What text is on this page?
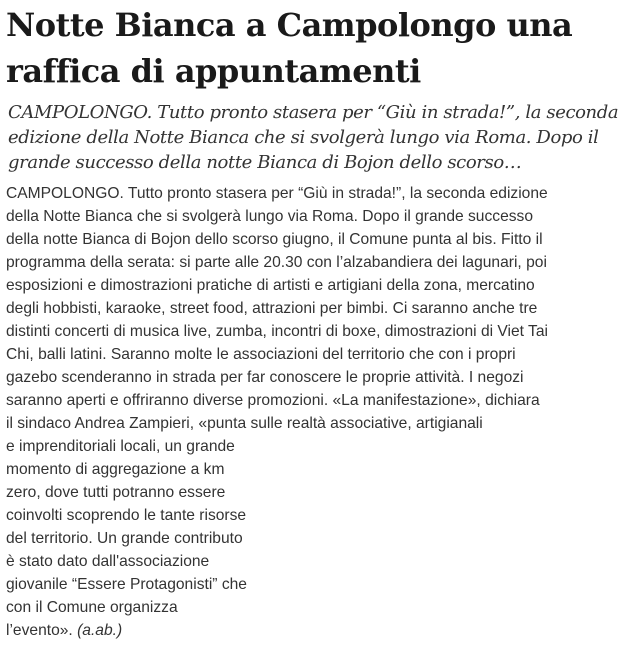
Notte Bianca a Campolongo una
raffica di appuntamenti

CAMPOLONGO. Tutto pronto stasera per “Giù in strada!”, la seconda
edizione della Notte Bianca che si svolgerà lungo via Roma. Dopo il
grande successo della notte Bianca di Bojon dello scorso…

CAMPOLONGO. Tutto pronto stasera per “Giù in strada!”, la seconda edizione
della Notte Bianca che si svolgerà lungo via Roma. Dopo il grande successo
della notte Bianca di Bojon dello scorso giugno, il Comune punta al bis. Fitto il
programma della serata: si parte alle 20.30 con l’alzabandiera dei lagunari, poi
esposizioni e dimostrazioni pratiche di artisti e artigiani della zona, mercatino
degli hobbisti, karaoke, street food, attrazioni per bimbi. Ci saranno anche tre
distinti concerti di musica live, zumba, incontri di boxe, dimostrazioni di Viet Tai
Chi, balli latini. Saranno molte le associazioni del territorio che con i propri
gazebo scenderanno in strada per far conoscere le proprie attività. I negozi
saranno aperti e offriranno diverse promozioni. «La manifestazione», dichiara
il sindaco Andrea Zampieri, «punta sulle realtà associative, artigianali
e imprenditoriali locali, un grande
momento di aggregazione a km
zero, dove tutti potranno essere
coinvolti scoprendo le tante risorse
del territorio. Un grande contributo
è stato dato dall'associazione
giovanile “Essere Protagonisti” che
con il Comune organizza
l’evento». (a.ab.)
